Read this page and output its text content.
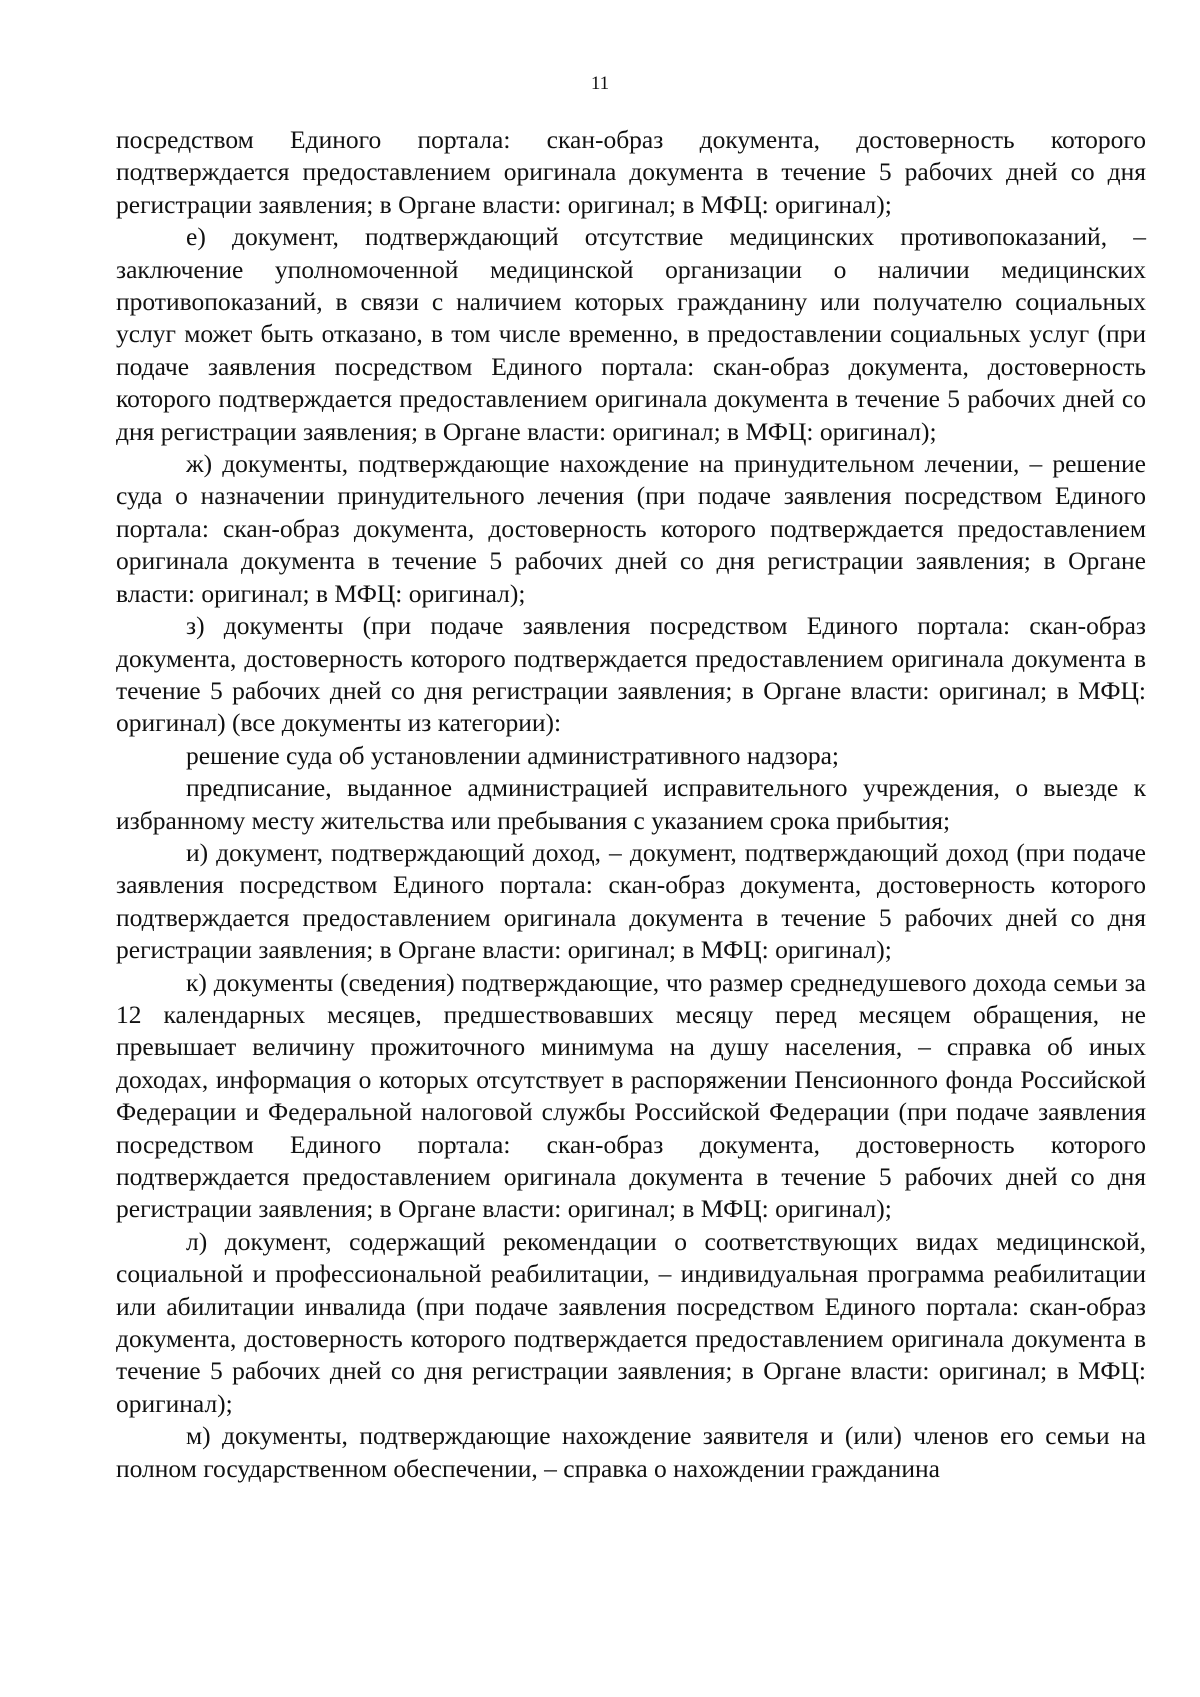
11

посредством Единого портала: скан-образ документа, достоверность которого подтверждается предоставлением оригинала документа в течение 5 рабочих дней со дня регистрации заявления; в Органе власти: оригинал; в МФЦ: оригинал);

е) документ, подтверждающий отсутствие медицинских противопоказаний, – заключение уполномоченной медицинской организации о наличии медицинских противопоказаний, в связи с наличием которых гражданину или получателю социальных услуг может быть отказано, в том числе временно, в предоставлении социальных услуг (при подаче заявления посредством Единого портала: скан-образ документа, достоверность которого подтверждается предоставлением оригинала документа в течение 5 рабочих дней со дня регистрации заявления; в Органе власти: оригинал; в МФЦ: оригинал);

ж) документы, подтверждающие нахождение на принудительном лечении, – решение суда о назначении принудительного лечения (при подаче заявления посредством Единого портала: скан-образ документа, достоверность которого подтверждается предоставлением оригинала документа в течение 5 рабочих дней со дня регистрации заявления; в Органе власти: оригинал; в МФЦ: оригинал);

з) документы (при подаче заявления посредством Единого портала: скан-образ документа, достоверность которого подтверждается предоставлением оригинала документа в течение 5 рабочих дней со дня регистрации заявления; в Органе власти: оригинал; в МФЦ: оригинал) (все документы из категории):

решение суда об установлении административного надзора;

предписание, выданное администрацией исправительного учреждения, о выезде к избранному месту жительства или пребывания с указанием срока прибытия;

и) документ, подтверждающий доход, – документ, подтверждающий доход (при подаче заявления посредством Единого портала: скан-образ документа, достоверность которого подтверждается предоставлением оригинала документа в течение 5 рабочих дней со дня регистрации заявления; в Органе власти: оригинал; в МФЦ: оригинал);

к) документы (сведения) подтверждающие, что размер среднедушевого дохода семьи за 12 календарных месяцев, предшествовавших месяцу перед месяцем обращения, не превышает величину прожиточного минимума на душу населения, – справка об иных доходах, информация о которых отсутствует в распоряжении Пенсионного фонда Российской Федерации и Федеральной налоговой службы Российской Федерации (при подаче заявления посредством Единого портала: скан-образ документа, достоверность которого подтверждается предоставлением оригинала документа в течение 5 рабочих дней со дня регистрации заявления; в Органе власти: оригинал; в МФЦ: оригинал);

л) документ, содержащий рекомендации о соответствующих видах медицинской, социальной и профессиональной реабилитации, – индивидуальная программа реабилитации или абилитации инвалида (при подаче заявления посредством Единого портала: скан-образ документа, достоверность которого подтверждается предоставлением оригинала документа в течение 5 рабочих дней со дня регистрации заявления; в Органе власти: оригинал; в МФЦ: оригинал);

м) документы, подтверждающие нахождение заявителя и (или) членов его семьи на полном государственном обеспечении, – справка о нахождении гражданина
